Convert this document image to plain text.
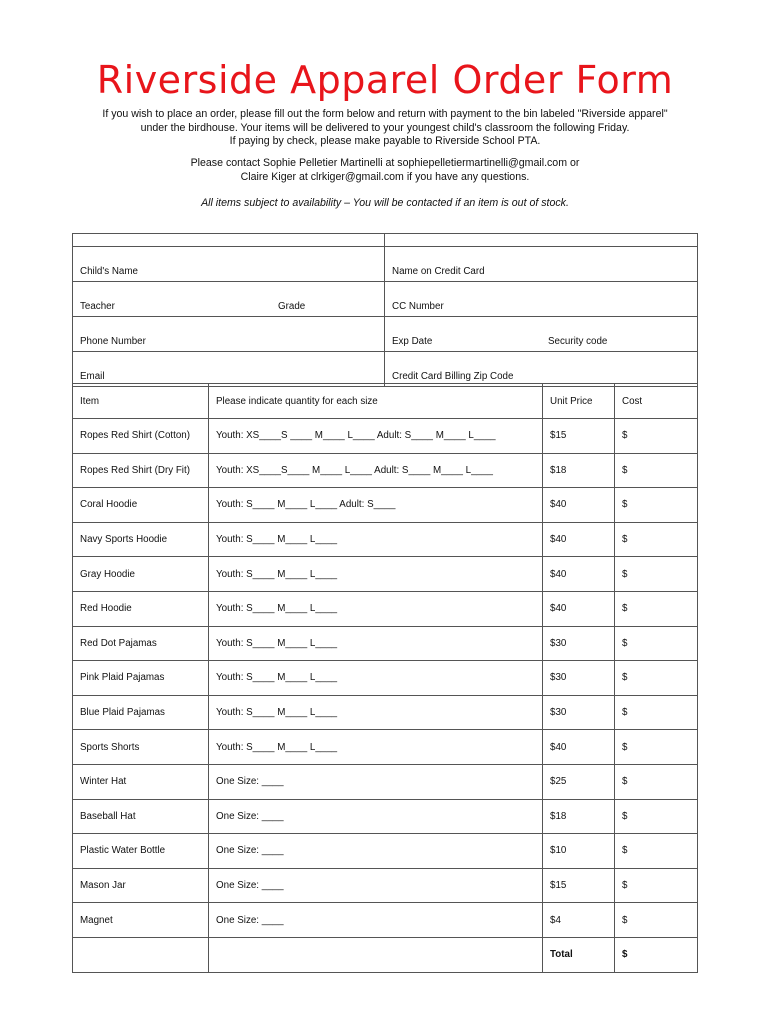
Riverside Apparel Order Form
If you wish to place an order, please fill out the form below and return with payment to the bin labeled "Riverside apparel"
under the birdhouse. Your items will be delivered to your youngest child's classroom the following Friday.
If paying by check, please make payable to Riverside School PTA.
Please contact Sophie Pelletier Martinelli at sophiepelletiermartinelli@gmail.com or
Claire Kiger at clrkiger@gmail.com if you have any questions.
All items subject to availability – You will be contacted if an item is out of stock.

Child's Name	Name on Credit Card
Teacher Grade	CC Number
Phone Number	Exp Date Security code
Email	Credit Card Billing Zip Code
Item	Please indicate quantity for each size	Unit Price	Cost
Ropes Red Shirt (Cotton)	Youth: XS____S ____ M____ L____ Adult: S____ M____ L____	$15	$
Ropes Red Shirt (Dry Fit)	Youth: XS____S____ M____ L____ Adult: S____ M____ L____	$18	$
Coral Hoodie	Youth: S____ M____ L____ Adult: S____	$40	$
Navy Sports Hoodie	Youth: S____ M____ L____	$40	$
Gray Hoodie	Youth: S____ M____ L____	$40	$
Red Hoodie	Youth: S____ M____ L____	$40	$
Red Dot Pajamas	Youth: S____ M____ L____	$30	$
Pink Plaid Pajamas	Youth: S____ M____ L____	$30	$
Blue Plaid Pajamas	Youth: S____ M____ L____	$30	$
Sports Shorts	Youth: S____ M____ L____	$40	$
Winter Hat	One Size: ____	$25	$
Baseball Hat	One Size: ____	$18	$
Plastic Water Bottle	One Size: ____	$10	$
Mason Jar	One Size: ____	$15	$
Magnet	One Size: ____	$4	$
		Total	$
